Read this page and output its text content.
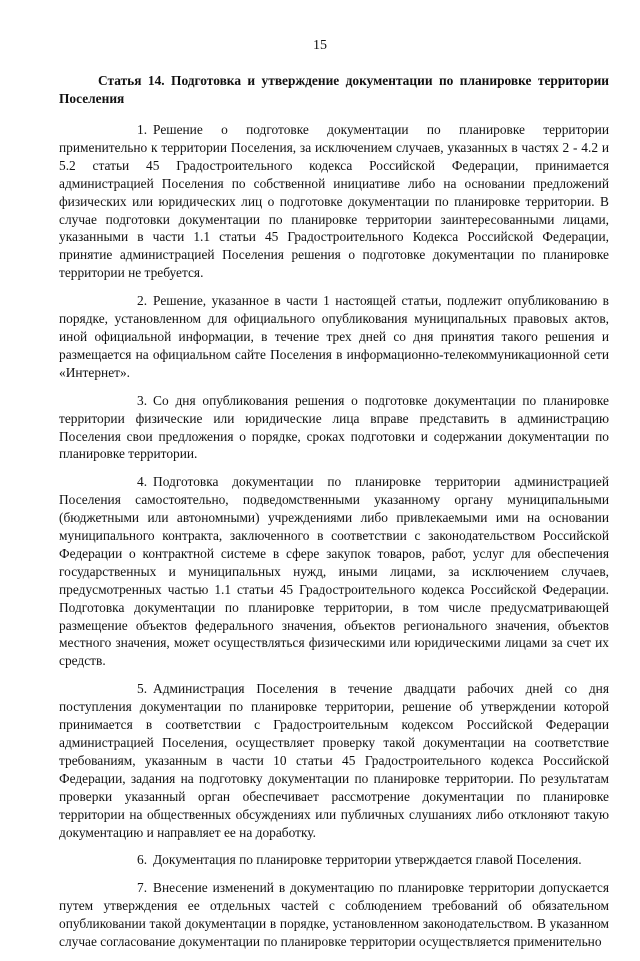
15
Статья 14. Подготовка и утверждение документации по планировке территории Поселения

1. Решение о подготовке документации по планировке территории применительно к территории Поселения, за исключением случаев, указанных в частях 2 - 4.2 и 5.2 статьи 45 Градостроительного кодекса Российской Федерации, принимается администрацией Поселения по собственной инициативе либо на основании предложений физических или юридических лиц о подготовке документации по планировке территории. В случае подготовки документации по планировке территории заинтересованными лицами, указанными в части 1.1 статьи 45 Градостроительного Кодекса Российской Федерации, принятие администрацией Поселения решения о подготовке документации по планировке территории не требуется.

2. Решение, указанное в части 1 настоящей статьи, подлежит опубликованию в порядке, установленном для официального опубликования муниципальных правовых актов, иной официальной информации, в течение трех дней со дня принятия такого решения и размещается на официальном сайте Поселения в информационно-телекоммуникационной сети «Интернет».

3. Со дня опубликования решения о подготовке документации по планировке территории физические или юридические лица вправе представить в администрацию Поселения свои предложения о порядке, сроках подготовки и содержании документации по планировке территории.

4. Подготовка документации по планировке территории администрацией Поселения самостоятельно, подведомственными указанному органу муниципальными (бюджетными или автономными) учреждениями либо привлекаемыми ими на основании муниципального контракта, заключенного в соответствии с законодательством Российской Федерации о контрактной системе в сфере закупок товаров, работ, услуг для обеспечения государственных и муниципальных нужд, иными лицами, за исключением случаев, предусмотренных частью 1.1 статьи 45 Градостроительного кодекса Российской Федерации. Подготовка документации по планировке территории, в том числе предусматривающей размещение объектов федерального значения, объектов регионального значения, объектов местного значения, может осуществляться физическими или юридическими лицами за счет их средств.

5. Администрация Поселения в течение двадцати рабочих дней со дня поступления документации по планировке территории, решение об утверждении которой принимается в соответствии с Градостроительным кодексом Российской Федерации администрацией Поселения, осуществляет проверку такой документации на соответствие требованиям, указанным в части 10 статьи 45 Градостроительного кодекса Российской Федерации, задания на подготовку документации по планировке территории. По результатам проверки указанный орган обеспечивает рассмотрение документации по планировке территории на общественных обсуждениях или публичных слушаниях либо отклоняют такую документацию и направляет ее на доработку.

6. Документация по планировке территории утверждается главой Поселения.

7. Внесение изменений в документацию по планировке территории допускается путем утверждения ее отдельных частей с соблюдением требований об обязательном опубликовании такой документации в порядке, установленном законодательством. В указанном случае согласование документации по планировке территории осуществляется применительно
